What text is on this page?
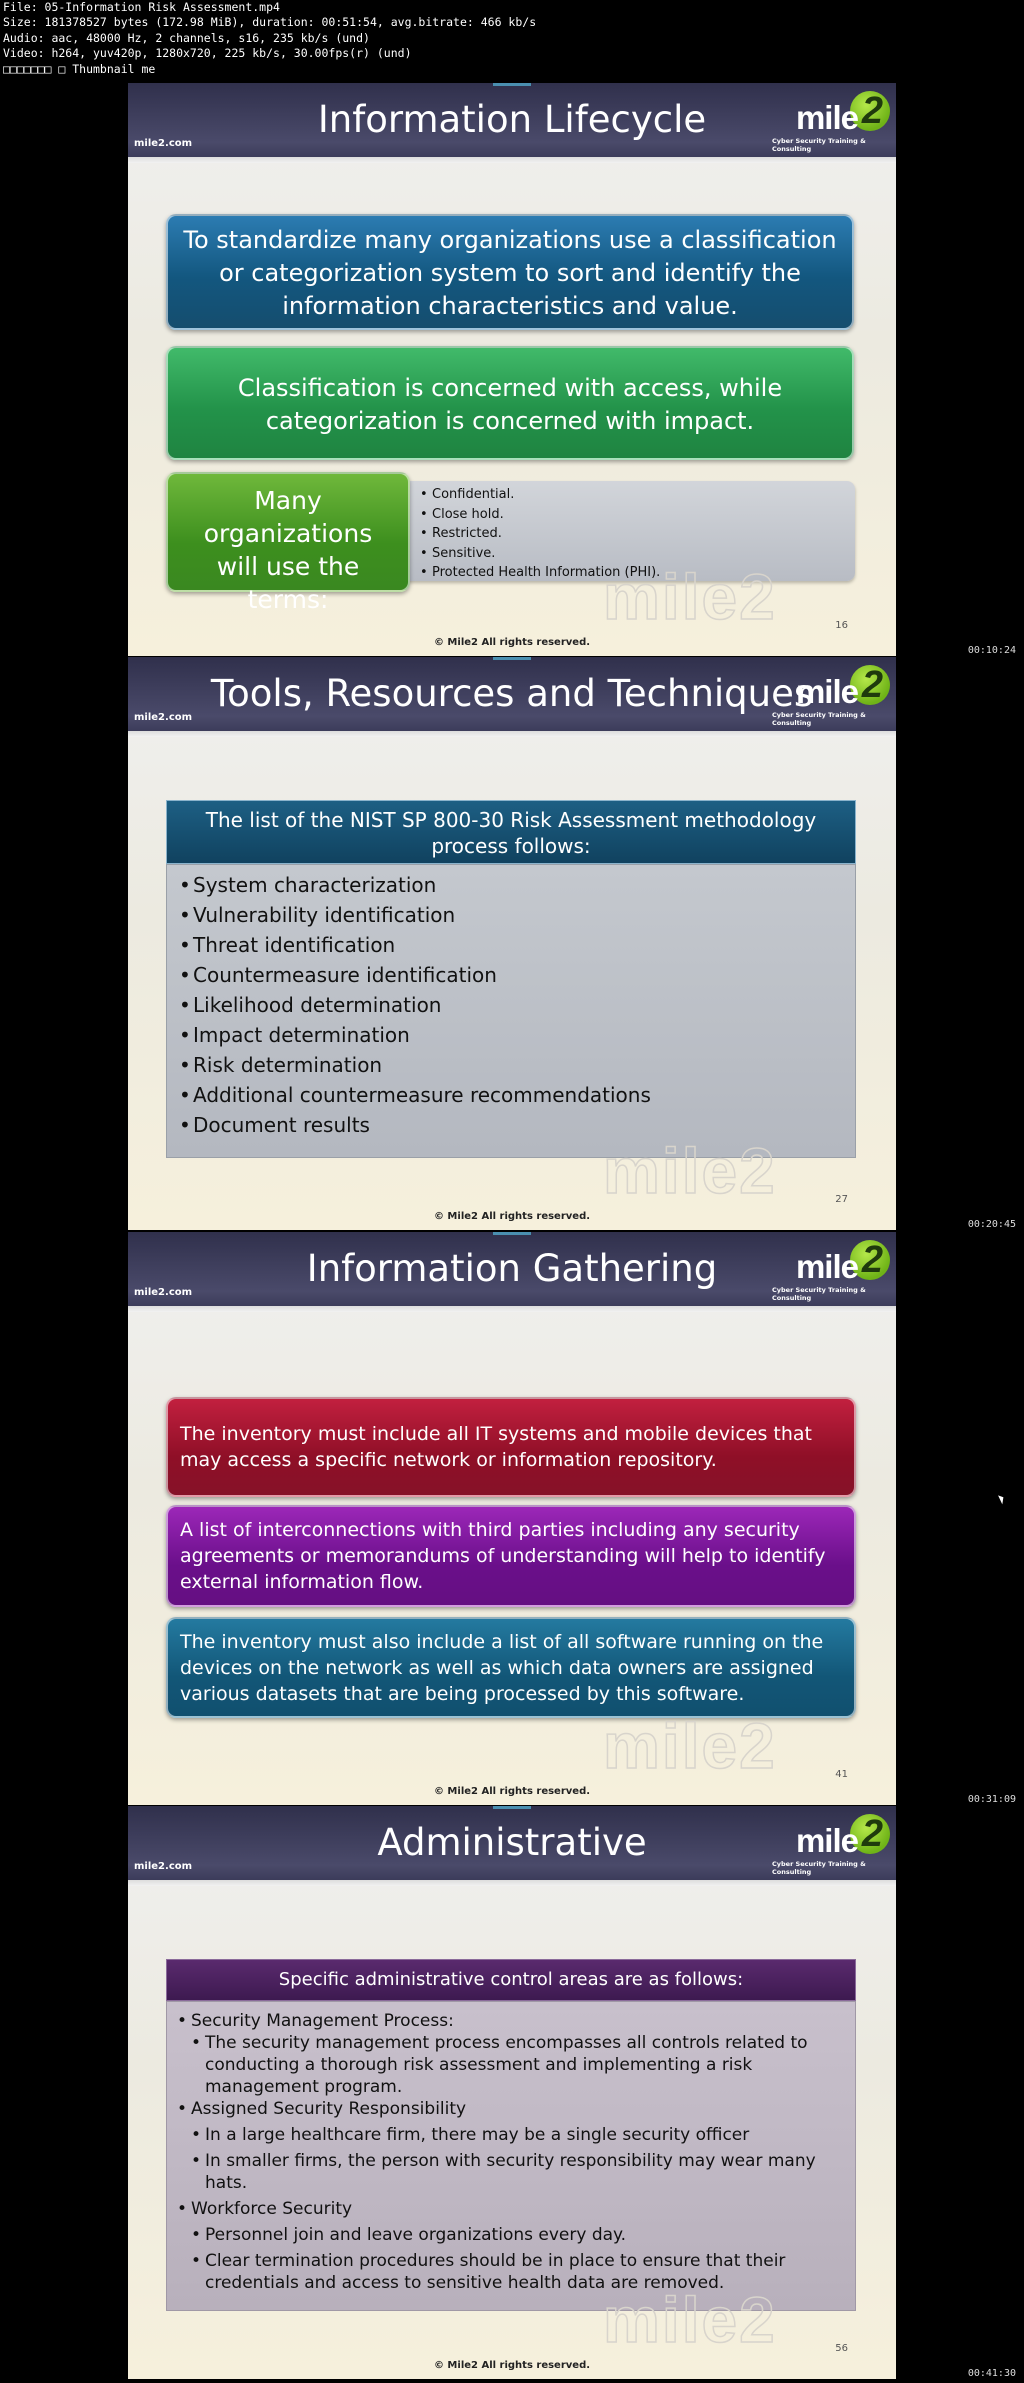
File: 05-Information Risk Assessment.mp4
Size: 181378527 bytes (172.98 MiB), duration: 00:51:54, avg.bitrate: 466 kb/s
Audio: aac, 48000 Hz, 2 channels, s16, 235 kb/s (und)
Video: h264, yuv420p, 1280x720, 225 kb/s, 30.00fps(r) (und)
□□□□□□□ □ Thumbnail me
Information Lifecycle
mile2.com
2
mile
Cyber Security Training & Consulting
To standardize many organizations use a classification or categorization system to sort and identify the information characteristics and value.
Classification is concerned with access, while categorization is concerned with impact.
Many organizations will use the terms:
• Confidential.
• Close hold.
• Restricted.
• Sensitive.
• Protected Health Information (PHI).
mile2	16
© Mile2 All rights reserved.
00:10:24
Tools, Resources and Techniques
mile2.com
2
mile
Cyber Security Training & Consulting
The list of the NIST SP 800-30 Risk Assessment methodology process follows:
• System characterization
• Vulnerability identification
• Threat identification
• Countermeasure identification
• Likelihood determination
• Impact determination
• Risk determination
• Additional countermeasure recommendations
• Document results
mile2	27
© Mile2 All rights reserved.
00:20:45
Information Gathering
mile2.com
2
mile
Cyber Security Training & Consulting
The inventory must include all IT systems and mobile devices that may access a specific network or information repository.
A list of interconnections with third parties including any security agreements or memorandums of understanding will help to identify external information flow.
The inventory must also include a list of all software running on the devices on the network as well as which data owners are assigned various datasets that are being processed by this software.
mile2	41
© Mile2 All rights reserved.
00:31:09
Administrative
mile2.com
2
mile
Cyber Security Training & Consulting
Specific administrative control areas are as follows:
• Security Management Process:
• The security management process encompasses all controls related to conducting a thorough risk assessment and implementing a risk management program.
• Assigned Security Responsibility
• In a large healthcare firm, there may be a single security officer
• In smaller firms, the person with security responsibility may wear many hats.
• Workforce Security
• Personnel join and leave organizations every day.
• Clear termination procedures should be in place to ensure that their credentials and access to sensitive health data are removed.
mile2	56
© Mile2 All rights reserved.
00:41:30
